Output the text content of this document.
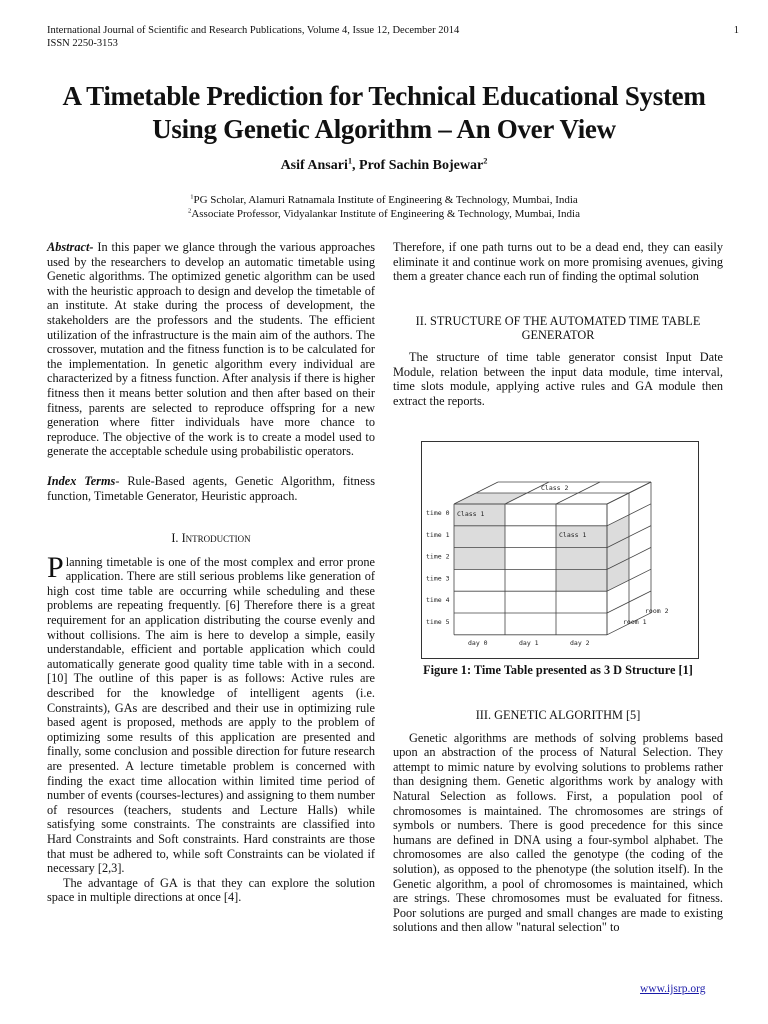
International Journal of Scientific and Research Publications, Volume 4, Issue 12, December 2014
ISSN 2250-3153
1
A Timetable Prediction for Technical Educational System
Using Genetic Algorithm – An Over View
Asif Ansari$^1$, Prof Sachin Bojewar$^2$
$^1$PG Scholar, Alamuri Ratnamala Institute of Engineering & Technology, Mumbai, India
$^2$Associate Professor, Vidyalankar Institute of Engineering & Technology, Mumbai, India

Abstract- In this paper we glance through the various approaches used by the researchers to develop an automatic timetable using Genetic algorithms. The optimized genetic algorithm can be used with the heuristic approach to design and develop the timetable of an institute. At stake during the process of development, the stakeholders are the professors and the students. The efficient utilization of the infrastructure is the main aim of the authors. The crossover, mutation and the fitness function is to be calculated for the implementation. In genetic algorithm every individual are characterized by a fitness function. After analysis if there is higher fitness then it means better solution and then after based on their fitness, parents are selected to reproduce offspring for a new generation where fitter individuals have more chance to reproduce. The objective of the work is to create a model used to generate the acceptable schedule using probabilistic operators.

Index Terms- Rule-Based agents, Genetic Algorithm, fitness function, Timetable Generator, Heuristic approach.

I. Introduction

Planning timetable is one of the most complex and error prone application. There are still serious problems like generation of high cost time table are occurring while scheduling and these problems are repeating frequently. [6] Therefore there is a great requirement for an application distributing the course evenly and without collisions. The aim is here to develop a simple, easily understandable, efficient and portable application which could automatically generate good quality time table with in a second. [10] The outline of this paper is as follows: Active rules are described for the knowledge of intelligent agents (i.e. Constraints), GAs are described and their use in optimizing rule based agent is proposed, methods are apply to the problem of optimizing some results of this application are presented and finally, some conclusion and possible direction for future research are presented. A lecture timetable problem is concerned with finding the exact time allocation within limited time period of number of events (courses-lectures) and assigning to them number of resources (teachers, students and Lecture Halls) while satisfying some constraints. The constraints are classified into Hard Constraints and Soft constraints. Hard constraints are those that must be adhered to, while soft Constraints can be violated if necessary [2,3].

The advantage of GA is that they can explore the solution space in multiple directions at once [4].

Therefore, if one path turns out to be a dead end, they can easily eliminate it and continue work on more promising avenues, giving them a greater chance each run of finding the optimal solution

II. STRUCTURE OF THE AUTOMATED TIME TABLE

GENERATOR

The structure of time table generator consist Input Date Module, relation between the input data module, time interval, time slots module, applying active rules and GA module then extract the reports.

time 0
time 1
time 2
time 3
time 4
time 5
day 0	day 1	day 2
room 1
room 2
Class 1
Class 1
Class 2
Figure 1: Time Table presented as 3 D Structure [1]

III. GENETIC ALGORITHM [5]

Genetic algorithms are methods of solving problems based upon an abstraction of the process of Natural Selection. They attempt to mimic nature by evolving solutions to problems rather than designing them. Genetic algorithms work by analogy with Natural Selection as follows. First, a population pool of chromosomes is maintained. The chromosomes are strings of symbols or numbers. There is good precedence for this since humans are defined in DNA using a four-symbol alphabet. The chromosomes are also called the genotype (the coding of the solution), as opposed to the phenotype (the solution itself). In the Genetic algorithm, a pool of chromosomes is maintained, which are strings. These chromosomes must be evaluated for fitness. Poor solutions are purged and small changes are made to existing solutions and then allow "natural selection" to

www.ijsrp.org
